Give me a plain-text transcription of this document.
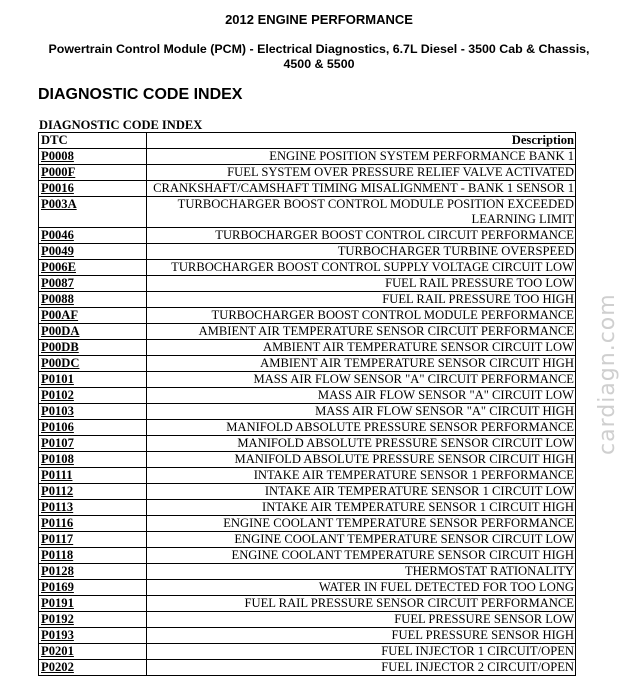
2012 ENGINE PERFORMANCE
Powertrain Control Module (PCM) - Electrical Diagnostics, 6.7L Diesel - 3500 Cab & Chassis,
4500 & 5500
DIAGNOSTIC CODE INDEX
DIAGNOSTIC CODE INDEX
DTC	Description
P0008	ENGINE POSITION SYSTEM PERFORMANCE BANK 1
P000F	FUEL SYSTEM OVER PRESSURE RELIEF VALVE ACTIVATED
P0016	CRANKSHAFT/CAMSHAFT TIMING MISALIGNMENT - BANK 1 SENSOR 1
P003A	TURBOCHARGER BOOST CONTROL MODULE POSITION EXCEEDED LEARNING LIMIT
P0046	TURBOCHARGER BOOST CONTROL CIRCUIT PERFORMANCE
P0049	TURBOCHARGER TURBINE OVERSPEED
P006E	TURBOCHARGER BOOST CONTROL SUPPLY VOLTAGE CIRCUIT LOW
P0087	FUEL RAIL PRESSURE TOO LOW
P0088	FUEL RAIL PRESSURE TOO HIGH
P00AF	TURBOCHARGER BOOST CONTROL MODULE PERFORMANCE
P00DA	AMBIENT AIR TEMPERATURE SENSOR CIRCUIT PERFORMANCE
P00DB	AMBIENT AIR TEMPERATURE SENSOR CIRCUIT LOW
P00DC	AMBIENT AIR TEMPERATURE SENSOR CIRCUIT HIGH
P0101	MASS AIR FLOW SENSOR "A" CIRCUIT PERFORMANCE
P0102	MASS AIR FLOW SENSOR "A" CIRCUIT LOW
P0103	MASS AIR FLOW SENSOR "A" CIRCUIT HIGH
P0106	MANIFOLD ABSOLUTE PRESSURE SENSOR PERFORMANCE
P0107	MANIFOLD ABSOLUTE PRESSURE SENSOR CIRCUIT LOW
P0108	MANIFOLD ABSOLUTE PRESSURE SENSOR CIRCUIT HIGH
P0111	INTAKE AIR TEMPERATURE SENSOR 1 PERFORMANCE
P0112	INTAKE AIR TEMPERATURE SENSOR 1 CIRCUIT LOW
P0113	INTAKE AIR TEMPERATURE SENSOR 1 CIRCUIT HIGH
P0116	ENGINE COOLANT TEMPERATURE SENSOR PERFORMANCE
P0117	ENGINE COOLANT TEMPERATURE SENSOR CIRCUIT LOW
P0118	ENGINE COOLANT TEMPERATURE SENSOR CIRCUIT HIGH
P0128	THERMOSTAT RATIONALITY
P0169	WATER IN FUEL DETECTED FOR TOO LONG
P0191	FUEL RAIL PRESSURE SENSOR CIRCUIT PERFORMANCE
P0192	FUEL PRESSURE SENSOR LOW
P0193	FUEL PRESSURE SENSOR HIGH
P0201	FUEL INJECTOR 1 CIRCUIT/OPEN
P0202	FUEL INJECTOR 2 CIRCUIT/OPEN
cardiagn.com
